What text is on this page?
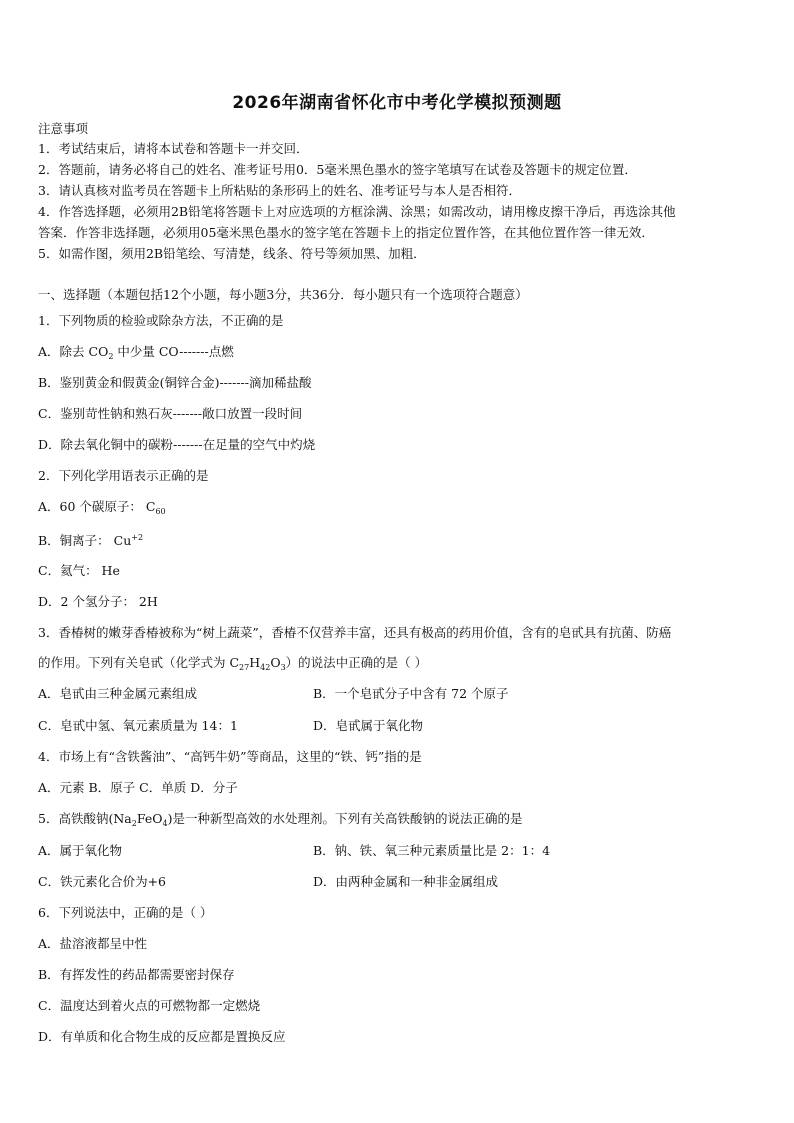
2026年湖南省怀化市中考化学模拟预测题
注意事项
1．考试结束后，请将本试卷和答题卡一并交回．
2．答题前，请务必将自己的姓名、准考证号用0．5毫米黑色墨水的签字笔填写在试卷及答题卡的规定位置．
3．请认真核对监考员在答题卡上所粘贴的条形码上的姓名、准考证号与本人是否相符．
4．作答选择题，必须用2B铅笔将答题卡上对应选项的方框涂满、涂黑；如需改动，请用橡皮擦干净后，再选涂其他
答案．作答非选择题，必须用05毫米黑色墨水的签字笔在答题卡上的指定位置作答，在其他位置作答一律无效．
5．如需作图，须用2B铅笔绘、写清楚，线条、符号等须加黑、加粗．
一、选择题（本题包括12个小题，每小题3分，共36分．每小题只有一个选项符合题意）
1．下列物质的检验或除杂方法，不正确的是
A．除去 $CO_2$ 中少量 CO-------点燃
B．鉴别黄金和假黄金(铜锌合金)-------滴加稀盐酸
C．鉴别苛性钠和熟石灰-------敞口放置一段时间
D．除去氧化铜中的碳粉-------在足量的空气中灼烧
2．下列化学用语表示正确的是
A．60 个碳原子： $C_{60}$
B．铜离子： $Cu^{+2}$
C．氦气： He
D．2 个氢分子： 2H
3．香椿树的嫩芽香椿被称为“树上蔬菜”，香椿不仅营养丰富，还具有极高的药用价值，含有的皂甙具有抗菌、防癌
的作用。下列有关皂甙（化学式为 $C_{27}H_{42}O_3$）的说法中正确的是（ ）
A．皂甙由三种金属元素组成	B．一个皂甙分子中含有 72 个原子
C．皂甙中氢、氧元素质量为 14：1	D．皂甙属于氧化物
4．市场上有“含铁酱油”、“高钙牛奶”等商品，这里的“铁、钙”指的是
A．元素 B．原子 C．单质 D．分子
5．高铁酸钠$(Na_2FeO_4)$是一种新型高效的水处理剂。下列有关高铁酸钠的说法正确的是
A．属于氧化物	B．钠、铁、氧三种元素质量比是 2：1：4
C．铁元素化合价为+6	D．由两种金属和一种非金属组成
6．下列说法中，正确的是（ ）
A．盐溶液都呈中性
B．有挥发性的药品都需要密封保存
C．温度达到着火点的可燃物都一定燃烧
D．有单质和化合物生成的反应都是置换反应
